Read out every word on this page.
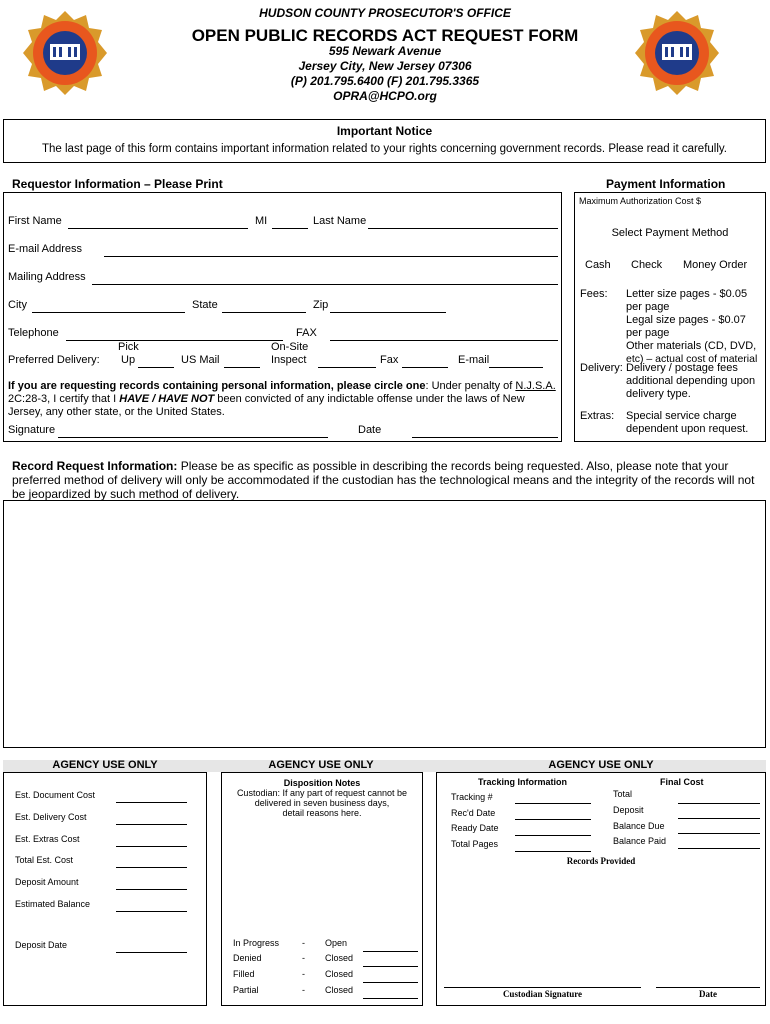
HUDSON COUNTY PROSECUTOR'S OFFICE
OPEN PUBLIC RECORDS ACT REQUEST FORM
595 Newark Avenue
Jersey City, New Jersey 07306
(P) 201.795.6400 (F) 201.795.3365
OPRA@HCPO.org
Important Notice
The last page of this form contains important information related to your rights concerning government records. Please read it carefully.
Requestor Information – Please Print
First Name	MI	Last Name
E-mail Address
Mailing Address
City	State	Zip
Telephone	FAX
Preferred Delivery:
Pick
Up	US Mail
On-Site
Inspect	Fax	E-mail
If you are requesting records containing personal information, please circle one: Under penalty of N.J.S.A.
2C:28-3, I certify that I HAVE / HAVE NOT been convicted of any indictable offense under the laws of New
Jersey, any other state, or the United States.
Signature	Date
Payment Information
Maximum Authorization Cost $
Select Payment Method
Cash Check Money Order
Fees: Letter size pages - $0.05
per page
Legal size pages - $0.07
per page
Other materials (CD, DVD,
etc) – actual cost of material
Delivery: Delivery / postage fees
additional depending upon
delivery type.
Extras: Special service charge
dependent upon request.
Record Request Information: Please be as specific as possible in describing the records being requested. Also, please note that your
preferred method of delivery will only be accommodated if the custodian has the technological means and the integrity of the records will not
be jeopardized by such method of delivery.
AGENCY USE ONLY	AGENCY USE ONLY	AGENCY USE ONLY
Est. Document Cost
Est. Delivery Cost
Est. Extras Cost
Total Est. Cost
Deposit Amount
Estimated Balance
Deposit Date
Disposition Notes
Custodian: If any part of request cannot be
delivered in seven business days,
detail reasons here.
In Progress	- Open
Denied	- Closed
Filled	- Closed
Partial	- Closed
Tracking Information	Final Cost
Tracking #
Rec'd Date
Ready Date
Total Pages
Total
Deposit
Balance Due
Balance Paid
Records Provided
Custodian Signature	Date
